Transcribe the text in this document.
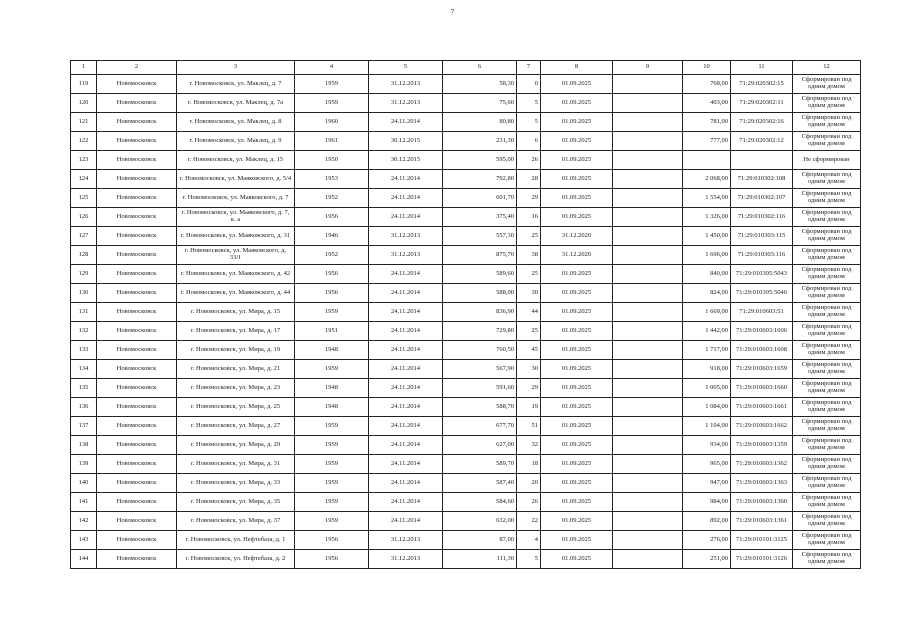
7
1	2	3	4	5	6	7	8	9	10	11	12
119	Новомосковск	г. Новомосковск, ул. Маклец, д. 7	1959	31.12.2013	58,30	0	01.09.2025		768,00	71:29:020302:15	Сформирован под одним домом
120	Новомосковск	г. Новомосковск, ул. Маклец, д. 7а	1959	31.12.2013	75,60	5	01.09.2025		403,00	71:29:020302:11	Сформирован под одним домом
121	Новомосковск	г. Новомосковск, ул. Маклец, д. 8	1960	24.11.2014	80,80	5	01.09.2025		781,00	71:29:020302:16	Сформирован под одним домом
122	Новомосковск	г. Новомосковск, ул. Маклец, д. 9	1961	30.12.2015	231,30	6	01.09.2025		777,00	71:29:020302:12	Сформирован под одним домом
123	Новомосковск	г. Новомосковск, ул. Маклец, д. 15	1950	30.12.2015	595,00	26	01.09.2025				Не сформирован
124	Новомосковск	г. Новомосковск, ул. Маяковского, д. 5/4	1953	24.11.2014	792,80	28	01.09.2025		2 068,00	71:29:010302:108	Сформирован под одним домом
125	Новомосковск	г. Новомосковск, ул. Маяковского, д. 7	1952	24.11.2014	601,70	29	01.09.2025		1 554,00	71:29:010302:107	Сформирован под одним домом
126	Новомосковск	г. Новомосковск, ул. Маяковского, д. 7, к. а	1956	24.11.2014	375,40	16	01.09.2025		1 326,00	71:29:010302:116	Сформирован под одним домом
127	Новомосковск	г. Новомосковск, ул. Маяковского, д. 31	1946	31.12.2013	557,30	25	31.12.2020		1 450,00	71:29:010303:115	Сформирован под одним домом
128	Новомосковск	г. Новомосковск, ул. Маяковского, д. 33/1	1952	31.12.2013	875,70	38	31.12.2020		1 696,00	71:29:010303:116	Сформирован под одним домом
129	Новомосковск	г. Новомосковск, ул. Маяковского, д. 42	1956	24.11.2014	589,60	25	01.09.2025		840,00	71:29:010305:5043	Сформирован под одним домом
130	Новомосковск	г. Новомосковск, ул. Маяковского, д. 44	1956	24.11.2014	588,00	30	01.09.2025		824,00	71:29:010305:5046	Сформирован под одним домом
131	Новомосковск	г. Новомосковск, ул. Мира, д. 15	1959	24.11.2014	836,90	44	01.09.2025		1 669,00	71:29:010603:51	Сформирован под одним домом
132	Новомосковск	г. Новомосковск, ул. Мира, д. 17	1951	24.11.2014	729,80	25	01.09.2025		1 442,00	71:29:010603:1606	Сформирован под одним домом
133	Новомосковск	г. Новомосковск, ул. Мира, д. 19	1948	24.11.2014	760,50	45	01.09.2025		1 717,00	71:29:010603:1608	Сформирован под одним домом
134	Новомосковск	г. Новомосковск, ул. Мира, д. 21	1959	24.11.2014	567,90	30	01.09.2025		918,00	71:29:010603:1659	Сформирован под одним домом
135	Новомосковск	г. Новомосковск, ул. Мира, д. 23	1948	24.11.2014	591,60	29	01.09.2025		1 005,00	71:29:010603:1660	Сформирован под одним домом
136	Новомосковск	г. Новомосковск, ул. Мира, д. 25	1948	24.11.2014	588,70	19	01.09.2025		1 084,00	71:29:010603:1661	Сформирован под одним домом
137	Новомосковск	г. Новомосковск, ул. Мира, д. 27	1959	24.11.2014	677,70	51	01.09.2025		1 104,00	71:29:010603:1662	Сформирован под одним домом
138	Новомосковск	г. Новомосковск, ул. Мира, д. 29	1959	24.11.2014	627,00	32	01.09.2025		934,00	71:29:010603:1359	Сформирован под одним домом
139	Новомосковск	г. Новомосковск, ул. Мира, д. 31	1959	24.11.2014	589,70	18	01.09.2025		965,00	71:29:010603:1362	Сформирован под одним домом
140	Новомосковск	г. Новомосковск, ул. Мира, д. 33	1959	24.11.2014	587,40	20	01.09.2025		947,00	71:29:010603:1363	Сформирован под одним домом
141	Новомосковск	г. Новомосковск, ул. Мира, д. 35	1959	24.11.2014	584,60	26	01.09.2025		984,00	71:29:010603:1360	Сформирован под одним домом
142	Новомосковск	г. Новомосковск, ул. Мира, д. 37	1959	24.11.2014	632,00	22	01.09.2025		892,00	71:29:010603:1361	Сформирован под одним домом
143	Новомосковск	г. Новомосковск, ул. Нефтебаза, д. 1	1956	31.12.2013	87,00	4	01.09.2025		276,00	71:29:010101:3125	Сформирован под одним домом
144	Новомосковск	г. Новомосковск, ул. Нефтебаза, д. 2	1956	31.12.2013	111,30	5	01.09.2025		251,00	71:29:010101:3126	Сформирован под одним домом
